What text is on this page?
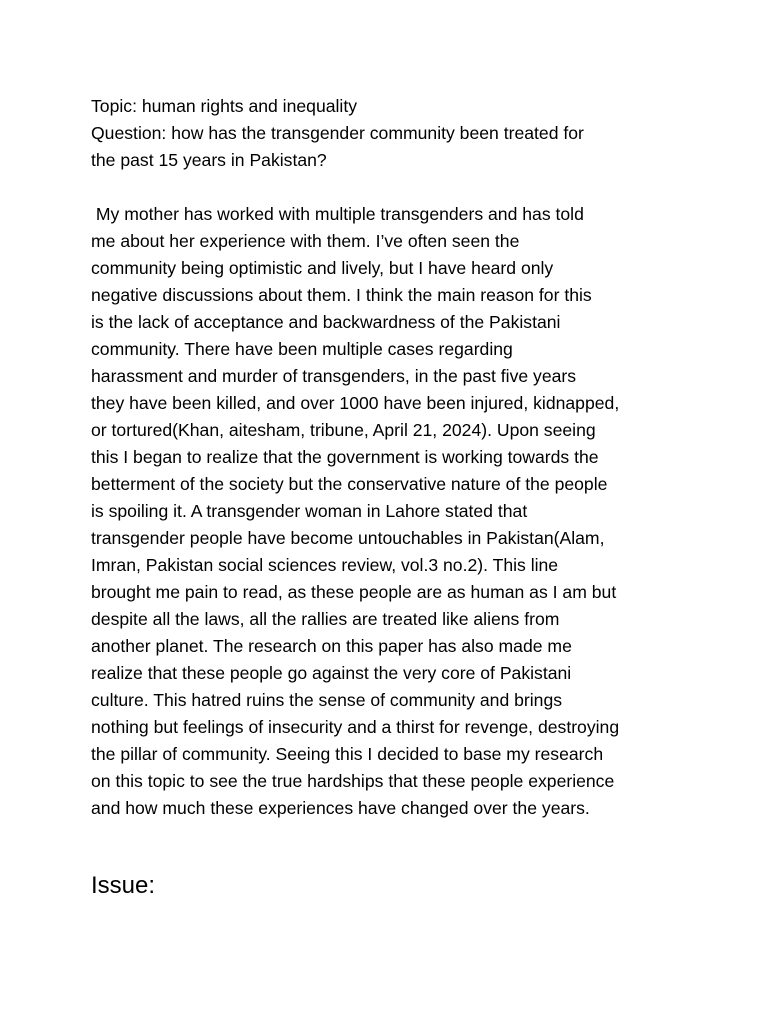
Topic: human rights and inequality
Question: how has the transgender community been treated for
the past 15 years in Pakistan?
My mother has worked with multiple transgenders and has told
me about her experience with them. I’ve often seen the
community being optimistic and lively, but I have heard only
negative discussions about them. I think the main reason for this
is the lack of acceptance and backwardness of the Pakistani
community. There have been multiple cases regarding
harassment and murder of transgenders, in the past five years
they have been killed, and over 1000 have been injured, kidnapped,
or tortured(Khan, aitesham, tribune, April 21, 2024). Upon seeing
this I began to realize that the government is working towards the
betterment of the society but the conservative nature of the people
is spoiling it. A transgender woman in Lahore stated that
transgender people have become untouchables in Pakistan(Alam,
Imran, Pakistan social sciences review, vol.3 no.2). This line
brought me pain to read, as these people are as human as I am but
despite all the laws, all the rallies are treated like aliens from
another planet. The research on this paper has also made me
realize that these people go against the very core of Pakistani
culture. This hatred ruins the sense of community and brings
nothing but feelings of insecurity and a thirst for revenge, destroying
the pillar of community. Seeing this I decided to base my research
on this topic to see the true hardships that these people experience
and how much these experiences have changed over the years.
Issue:
